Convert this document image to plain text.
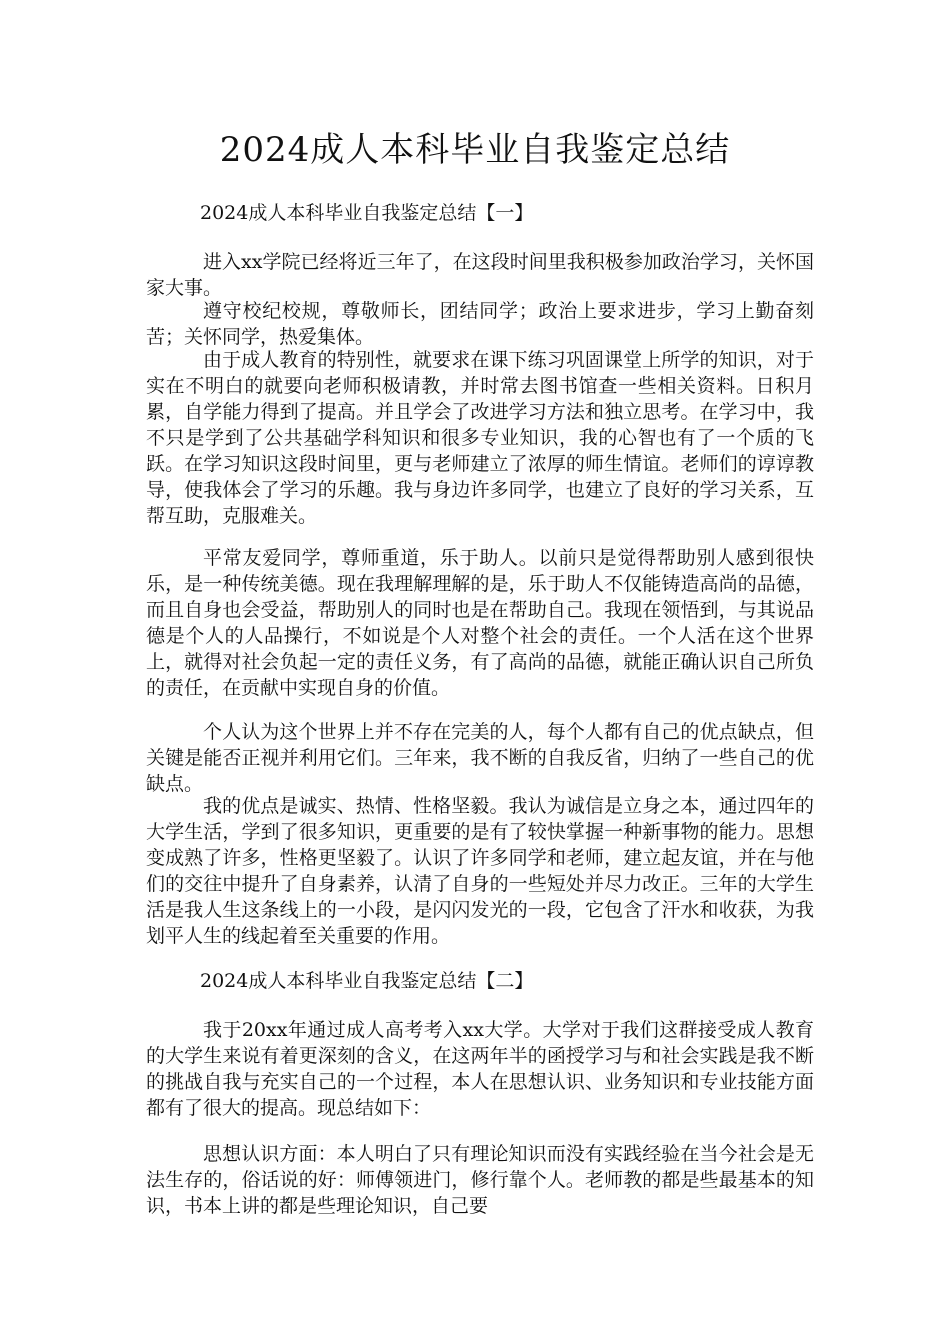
2024成人本科毕业自我鉴定总结
2024成人本科毕业自我鉴定总结【一】
进入xx学院已经将近三年了，在这段时间里我积极参加政治学习，关怀国家大事。
遵守校纪校规，尊敬师长，团结同学；政治上要求进步，学习上勤奋刻苦；关怀同学，热爱集体。
由于成人教育的特别性，就要求在课下练习巩固课堂上所学的知识，对于实在不明白的就要向老师积极请教，并时常去图书馆查一些相关资料。日积月累，自学能力得到了提高。并且学会了改进学习方法和独立思考。在学习中，我不只是学到了公共基础学科知识和很多专业知识，我的心智也有了一个质的飞跃。在学习知识这段时间里，更与老师建立了浓厚的师生情谊。老师们的谆谆教导，使我体会了学习的乐趣。我与身边许多同学，也建立了良好的学习关系，互帮互助，克服难关。
平常友爱同学，尊师重道，乐于助人。以前只是觉得帮助别人感到很快乐，是一种传统美德。现在我理解理解的是，乐于助人不仅能铸造高尚的品德，而且自身也会受益，帮助别人的同时也是在帮助自己。我现在领悟到，与其说品德是个人的人品操行，不如说是个人对整个社会的责任。一个人活在这个世界上，就得对社会负起一定的责任义务，有了高尚的品德，就能正确认识自己所负的责任，在贡献中实现自身的价值。
个人认为这个世界上并不存在完美的人，每个人都有自己的优点缺点，但关键是能否正视并利用它们。三年来，我不断的自我反省，归纳了一些自己的优缺点。
我的优点是诚实、热情、性格坚毅。我认为诚信是立身之本，通过四年的大学生活，学到了很多知识，更重要的是有了较快掌握一种新事物的能力。思想变成熟了许多，性格更坚毅了。认识了许多同学和老师，建立起友谊，并在与他们的交往中提升了自身素养，认清了自身的一些短处并尽力改正。三年的大学生活是我人生这条线上的一小段，是闪闪发光的一段，它包含了汗水和收获，为我划平人生的线起着至关重要的作用。
2024成人本科毕业自我鉴定总结【二】
我于20xx年通过成人高考考入xx大学。大学对于我们这群接受成人教育的大学生来说有着更深刻的含义，在这两年半的函授学习与和社会实践是我不断的挑战自我与充实自己的一个过程，本人在思想认识、业务知识和专业技能方面都有了很大的提高。现总结如下：
思想认识方面：本人明白了只有理论知识而没有实践经验在当今社会是无法生存的，俗话说的好：师傅领进门，修行靠个人。老师教的都是些最基本的知识，书本上讲的都是些理论知识，自己要
